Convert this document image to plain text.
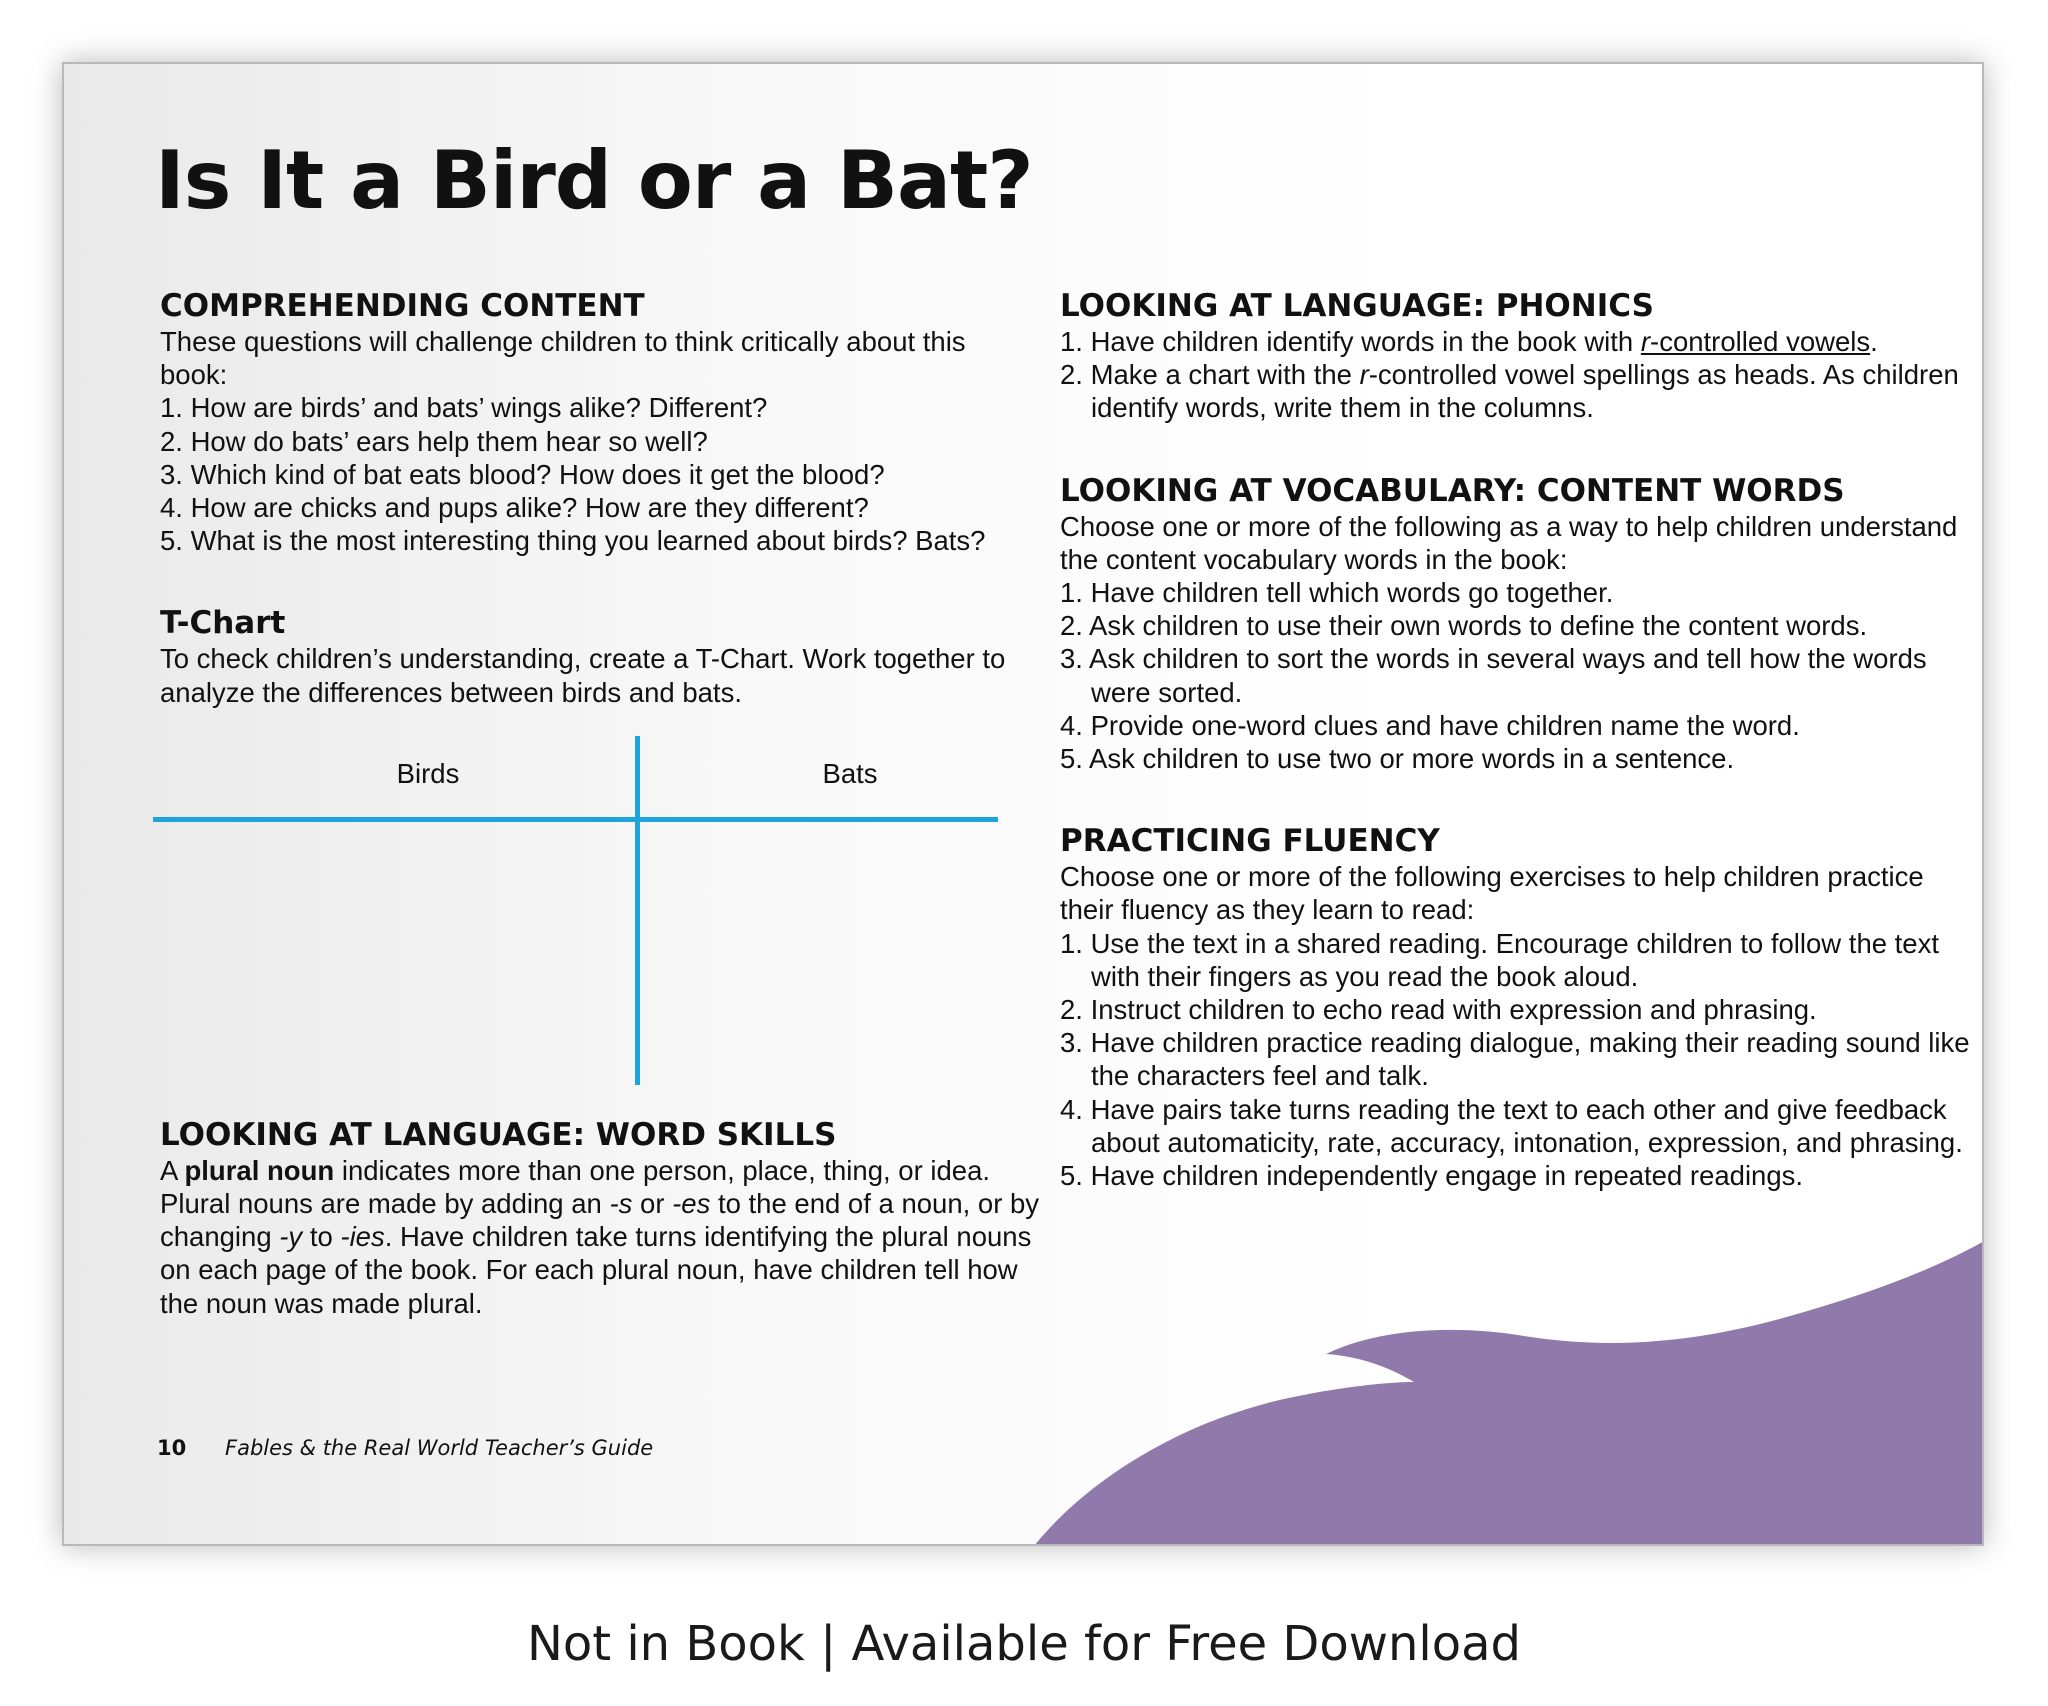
Is It a Bird or a Bat?
COMPREHENDING CONTENT

These questions will challenge children to think critically about this book:

1. How are birds’ and bats’ wings alike? Different?
2. How do bats’ ears help them hear so well?
3. Which kind of bat eats blood? How does it get the blood?
4. How are chicks and pups alike? How are they different?
5. What is the most interesting thing you learned about birds? Bats?
T-Chart

To check children’s understanding, create a T-Chart. Work together to analyze the differences between birds and bats.

Birds	Bats
LOOKING AT LANGUAGE: WORD SKILLS

A plural noun indicates more than one person, place, thing, or idea. Plural nouns are made by adding an -s or -es to the end of a noun, or by changing -y to -ies. Have children take turns identifying the plural nouns on each page of the book. For each plural noun, have children tell how the noun was made plural.

LOOKING AT LANGUAGE: PHONICS
1. Have children identify words in the book with r-controlled vowels.
2. Make a chart with the r-controlled vowel spellings as heads. As children identify words, write them in the columns.
LOOKING AT VOCABULARY: CONTENT WORDS

Choose one or more of the following as a way to help children understand the content vocabulary words in the book:

1. Have children tell which words go together.
2. Ask children to use their own words to define the content words.
3. Ask children to sort the words in several ways and tell how the words were sorted.
4. Provide one-word clues and have children name the word.
5. Ask children to use two or more words in a sentence.
PRACTICING FLUENCY

Choose one or more of the following exercises to help children practice their fluency as they learn to read:

1. Use the text in a shared reading. Encourage children to follow the text with their fingers as you read the book aloud.
2. Instruct children to echo read with expression and phrasing.
3. Have children practice reading dialogue, making their reading sound like the characters feel and talk.
4. Have pairs take turns reading the text to each other and give feedback about automaticity, rate, accuracy, intonation, expression, and phrasing.
5. Have children independently engage in repeated readings.
10 Fables & the Real World Teacher’s Guide
Not in Book | Available for Free Download
